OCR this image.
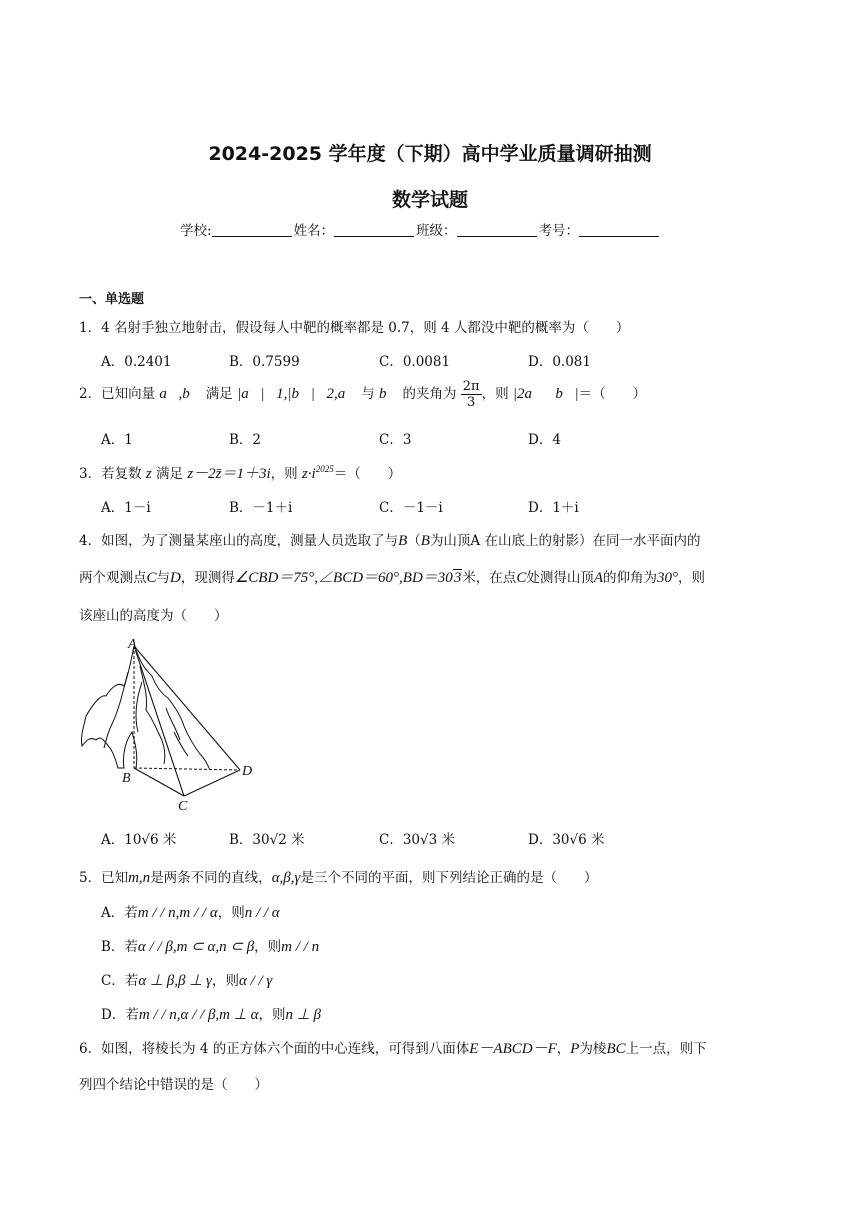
2024-2025 学年度（下期）高中学业质量调研抽测
数学试题
学校:	姓名：	班级：	考号：
一、单选题
1．4 名射手独立地射击，假设每人中靶的概率都是 0.7，则 4 人都没中靶的概率为（　　）
A．0.2401	B．0.7599	C．0.0081	D．0.081
2．已知向量 a⃗,b⃗ 满足 |a⃗|＝1,|b⃗|＝2,a⃗ 与 b⃗ 的夹角为 $\frac{2\pi}{3}$ ，则 |2a⃗＋b⃗|＝（　　）
A．1	B．2	C．3	D．4
3．若复数 z 满足 z－2z̄＝1＋3i，则 $z\cdot i^{2025}=$（　　）
A．1－i	B．－1＋i	C．－1－i	D．1＋i
4．如图，为了测量某座山的高度，测量人员选取了与B（B为山顶A 在山底上的射影）在同一水平面内的
两个观测点C与D，现测得∠CBD＝75°,∠BCD＝60°,BD＝303米，在点C处测得山顶A的仰角为30°，则
该座山的高度为（　　）
A
B
C
D
A．10√6 米	B．30√2 米	C．30√3 米	D．30√6 米
5．已知m,n是两条不同的直线，α,β,γ是三个不同的平面，则下列结论正确的是（　　）
A．若m / / n,m / / α，则n / / α
B．若α / / β,m ⊂ α,n ⊂ β，则m / / n
C．若α ⊥ β,β ⊥ γ，则α / / γ
D．若m / / n,α / / β,m ⊥ α，则n ⊥ β
6．如图，将棱长为 4 的正方体六个面的中心连线，可得到八面体E－ABCD－F，P为棱BC上一点，则下
列四个结论中错误的是（　　）
